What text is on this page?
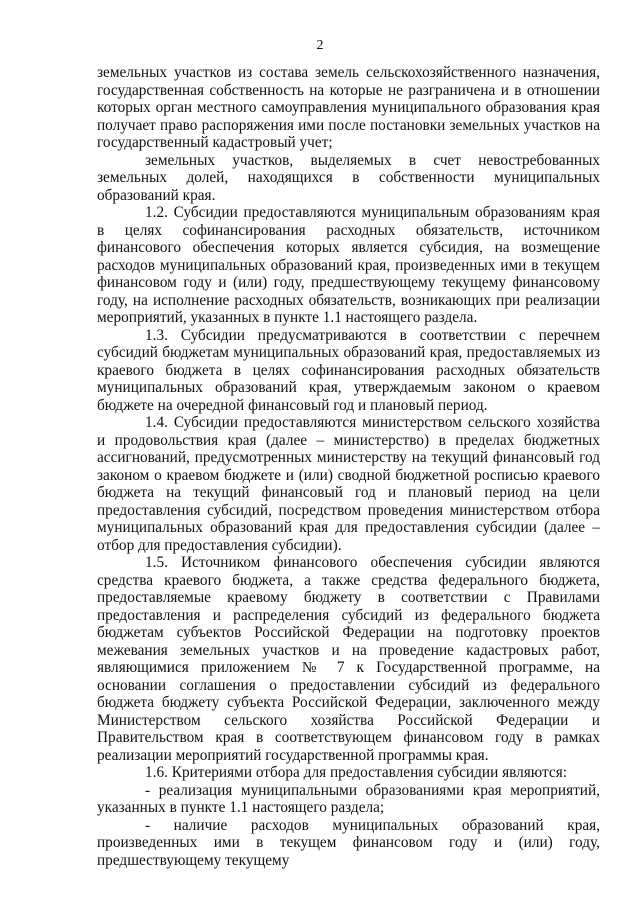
2

земельных участков из состава земель сельскохозяйственного назначения, государственная собственность на которые не разграничена и в отношении которых орган местного самоуправления муниципального образования края получает право распоряжения ими после постановки земельных участков на государственный кадастровый учет;

земельных участков, выделяемых в счет невостребованных земельных долей, находящихся в собственности муниципальных образований края.

1.2. Субсидии предоставляются муниципальным образованиям края в целях софинансирования расходных обязательств, источником финансового обеспечения которых является субсидия, на возмещение расходов муниципальных образований края, произведенных ими в текущем финансовом году и (или) году, предшествующему текущему финансовому году, на исполнение расходных обязательств, возникающих при реализации мероприятий, указанных в пункте 1.1 настоящего раздела.

1.3. Субсидии предусматриваются в соответствии с перечнем субсидий бюджетам муниципальных образований края, предоставляемых из краевого бюджета в целях софинансирования расходных обязательств муниципальных образований края, утверждаемым законом о краевом бюджете на очередной финансовый год и плановый период.

1.4. Субсидии предоставляются министерством сельского хозяйства и продовольствия края (далее – министерство) в пределах бюджетных ассигнований, предусмотренных министерству на текущий финансовый год законом о краевом бюджете и (или) сводной бюджетной росписью краевого бюджета на текущий финансовый год и плановый период на цели предоставления субсидий, посредством проведения министерством отбора муниципальных образований края для предоставления субсидии (далее – отбор для предоставления субсидии).

1.5. Источником финансового обеспечения субсидии являются средства краевого бюджета, а также средства федерального бюджета, предоставляемые краевому бюджету в соответствии с Правилами предоставления и распределения субсидий из федерального бюджета бюджетам субъектов Российской Федерации на подготовку проектов межевания земельных участков и на проведение кадастровых работ, являющимися приложением № 7 к Государственной программе, на основании соглашения о предоставлении субсидий из федерального бюджета бюджету субъекта Российской Федерации, заключенного между Министерством сельского хозяйства Российской Федерации и Правительством края в соответствующем финансовом году в рамках реализации мероприятий государственной программы края.

1.6. Критериями отбора для предоставления субсидии являются:

- реализация муниципальными образованиями края мероприятий, указанных в пункте 1.1 настоящего раздела;

- наличие расходов муниципальных образований края, произведенных ими в текущем финансовом году и (или) году, предшествующему текущему
